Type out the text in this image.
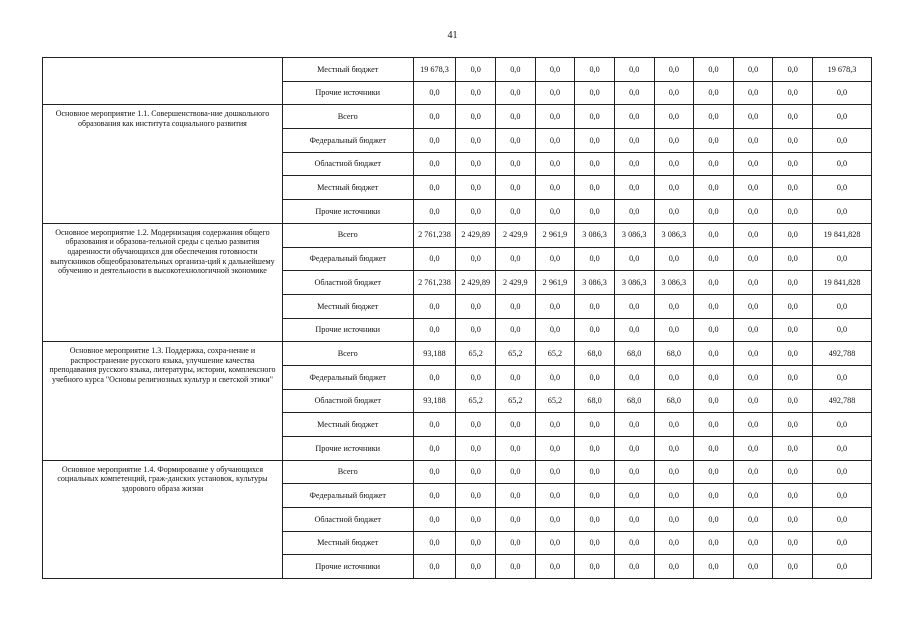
41
	Местный бюджет	19 678,3	0,0	0,0	0,0	0,0	0,0	0,0	0,0	0,0	0,0	19 678,3
	Прочие источники	0,0	0,0	0,0	0,0	0,0	0,0	0,0	0,0	0,0	0,0	0,0
Основное мероприятие 1.1. Совершенствова-ние дошкольного образования как института социального развития	Всего	0,0	0,0	0,0	0,0	0,0	0,0	0,0	0,0	0,0	0,0	0,0
	Федеральный бюджет	0,0	0,0	0,0	0,0	0,0	0,0	0,0	0,0	0,0	0,0	0,0
	Областной бюджет	0,0	0,0	0,0	0,0	0,0	0,0	0,0	0,0	0,0	0,0	0,0
	Местный бюджет	0,0	0,0	0,0	0,0	0,0	0,0	0,0	0,0	0,0	0,0	0,0
	Прочие источники	0,0	0,0	0,0	0,0	0,0	0,0	0,0	0,0	0,0	0,0	0,0
Основное мероприятие 1.2. Модернизация содержания общего образования и образова-тельной среды с целью развития одаренности обучающихся для обеспечения готовности выпускников общеобразовательных организа-ций к дальнейшему обучению и деятельности в высокотехнологичной экономике	Всего	2 761,238	2 429,89	2 429,9	2 961,9	3 086,3	3 086,3	3 086,3	0,0	0,0	0,0	19 841,828
	Федеральный бюджет	0,0	0,0	0,0	0,0	0,0	0,0	0,0	0,0	0,0	0,0	0,0
	Областной бюджет	2 761,238	2 429,89	2 429,9	2 961,9	3 086,3	3 086,3	3 086,3	0,0	0,0	0,0	19 841,828
	Местный бюджет	0,0	0,0	0,0	0,0	0,0	0,0	0,0	0,0	0,0	0,0	0,0
	Прочие источники	0,0	0,0	0,0	0,0	0,0	0,0	0,0	0,0	0,0	0,0	0,0
Основное мероприятие 1.3. Поддержка, сохра-нение и распространение русского языка, улучшение качества преподавания русского языка, литературы, истории, комплексного учебного курса "Основы религиозных культур и светской этики"	Всего	93,188	65,2	65,2	65,2	68,0	68,0	68,0	0,0	0,0	0,0	492,788
	Федеральный бюджет	0,0	0,0	0,0	0,0	0,0	0,0	0,0	0,0	0,0	0,0	0,0
	Областной бюджет	93,188	65,2	65,2	65,2	68,0	68,0	68,0	0,0	0,0	0,0	492,788
	Местный бюджет	0,0	0,0	0,0	0,0	0,0	0,0	0,0	0,0	0,0	0,0	0,0
	Прочие источники	0,0	0,0	0,0	0,0	0,0	0,0	0,0	0,0	0,0	0,0	0,0
Основное мероприятие 1.4. Формирование у обучающихся социальных компетенций, граж-данских установок, культуры здорового образа жизни	Всего	0,0	0,0	0,0	0,0	0,0	0,0	0,0	0,0	0,0	0,0	0,0
	Федеральный бюджет	0,0	0,0	0,0	0,0	0,0	0,0	0,0	0,0	0,0	0,0	0,0
	Областной бюджет	0,0	0,0	0,0	0,0	0,0	0,0	0,0	0,0	0,0	0,0	0,0
	Местный бюджет	0,0	0,0	0,0	0,0	0,0	0,0	0,0	0,0	0,0	0,0	0,0
	Прочие источники	0,0	0,0	0,0	0,0	0,0	0,0	0,0	0,0	0,0	0,0	0,0
